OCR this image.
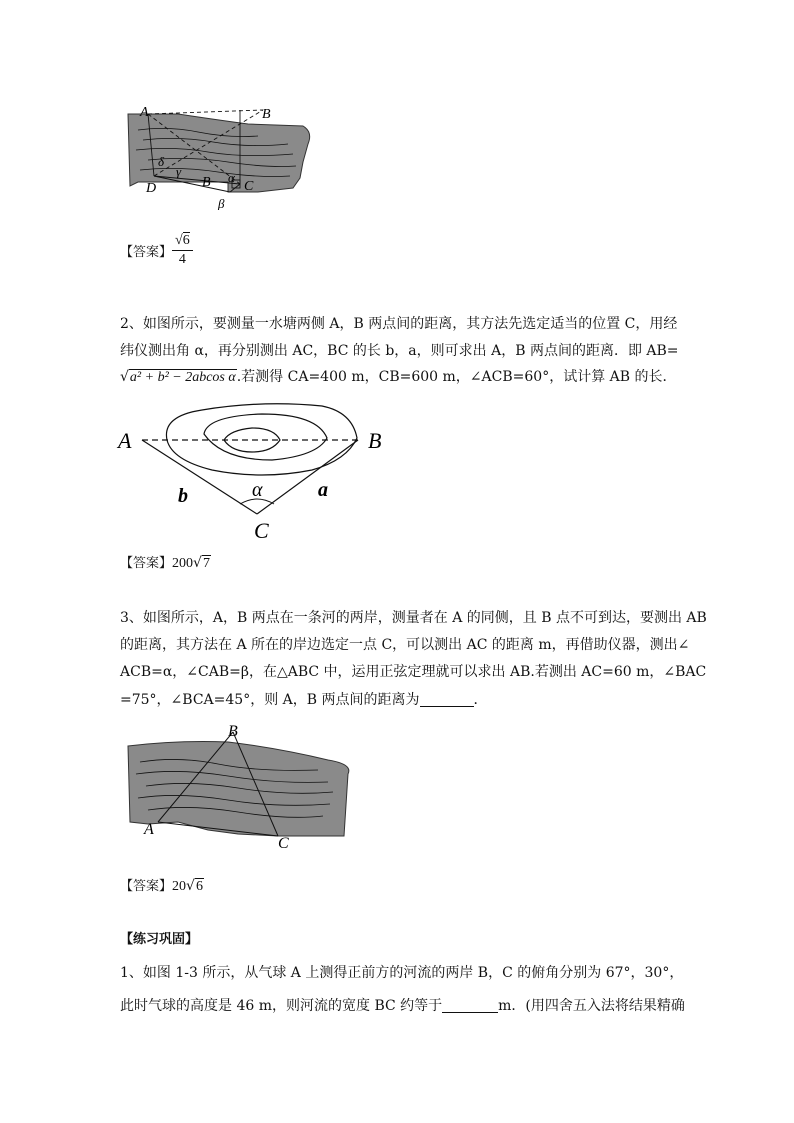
A	B
δ
γ
D	B α
C
β
【答案】 $\frac{√6}{4}$
2、如图所示，要测量一水塘两侧 A，B 两点间的距离，其方法先选定适当的位置 C，用经
纬仪测出角 α，再分别测出 AC，BC 的长 b，a，则可求出 A，B 两点间的距离．即 AB=
√a² + b² − 2abcos α.若测得 CA=400 m，CB=600 m，∠ACB=60°，试计算 AB 的长．
A	B
b	α	a
C
【答案】200√7
3、如图所示，A，B 两点在一条河的两岸，测量者在 A 的同侧，且 B 点不可到达，要测出 AB
的距离，其方法在 A 所在的岸边选定一点 C，可以测出 AC 的距离 m，再借助仪器，测出∠
ACB=α，∠CAB=β，在△ABC 中，运用正弦定理就可以求出 AB.若测出 AC=60 m，∠BAC
=75°，∠BCA=45°，则 A，B 两点间的距离为	．
B
A
C
【答案】20√6
【练习巩固】
1、如图 1-3 所示，从气球 A 上测得正前方的河流的两岸 B，C 的俯角分别为 67°，30°，
此时气球的高度是 46 m，则河流的宽度 BC 约等于	m．(用四舍五入法将结果精确
